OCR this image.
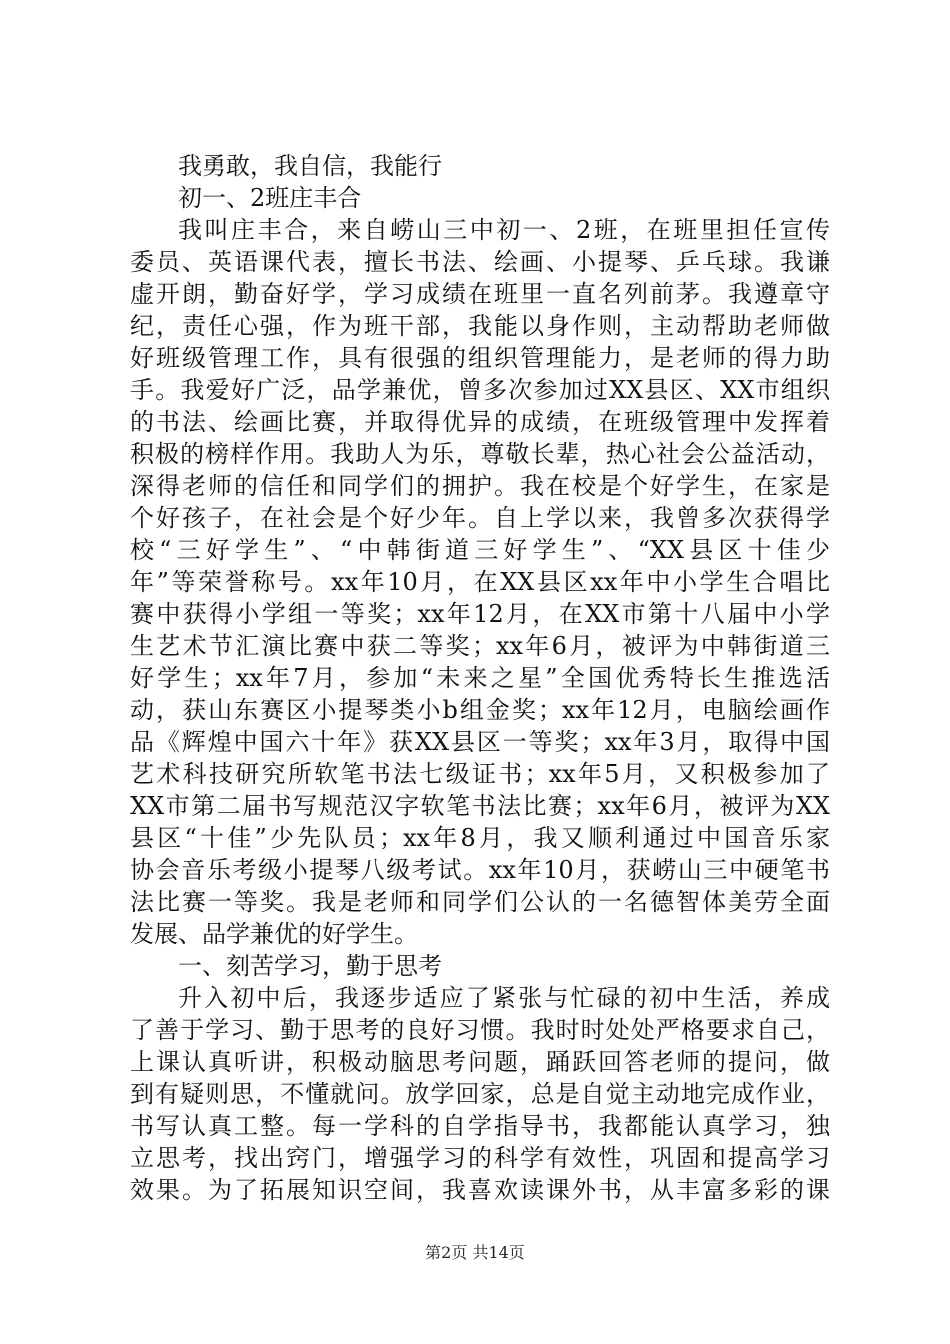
我勇敢，我自信，我能行
初一、2班庄丰合
我叫庄丰合，来自崂山三中初一、2班，在班里担任宣传
委员、英语课代表，擅长书法、绘画、小提琴、乒乓球。我谦
虚开朗，勤奋好学，学习成绩在班里一直名列前茅。我遵章守
纪，责任心强，作为班干部，我能以身作则，主动帮助老师做
好班级管理工作，具有很强的组织管理能力，是老师的得力助
手。我爱好广泛，品学兼优，曾多次参加过XX县区、XX市组织
的书法、绘画比赛，并取得优异的成绩，在班级管理中发挥着
积极的榜样作用。我助人为乐，尊敬长辈，热心社会公益活动，
深得老师的信任和同学们的拥护。我在校是个好学生，在家是
个好孩子，在社会是个好少年。自上学以来，我曾多次获得学
校“三好学生”、“中韩街道三好学生”、“XX县区十佳少
年”等荣誉称号。xx年10月，在XX县区xx年中小学生合唱比
赛中获得小学组一等奖；xx年12月，在XX市第十八届中小学
生艺术节汇演比赛中获二等奖；xx年6月，被评为中韩街道三
好学生；xx年7月，参加“未来之星”全国优秀特长生推选活
动，获山东赛区小提琴类小b组金奖；xx年12月，电脑绘画作
品《辉煌中国六十年》获XX县区一等奖；xx年3月，取得中国
艺术科技研究所软笔书法七级证书；xx年5月，又积极参加了
XX市第二届书写规范汉字软笔书法比赛；xx年6月，被评为XX
县区“十佳”少先队员；xx年8月，我又顺利通过中国音乐家
协会音乐考级小提琴八级考试。xx年10月，获崂山三中硬笔书
法比赛一等奖。我是老师和同学们公认的一名德智体美劳全面
发展、品学兼优的好学生。
一、刻苦学习，勤于思考
升入初中后，我逐步适应了紧张与忙碌的初中生活，养成
了善于学习、勤于思考的良好习惯。我时时处处严格要求自己，
上课认真听讲，积极动脑思考问题，踊跃回答老师的提问，做
到有疑则思，不懂就问。放学回家，总是自觉主动地完成作业，
书写认真工整。每一学科的自学指导书，我都能认真学习，独
立思考，找出窍门，增强学习的科学有效性，巩固和提高学习
效果。为了拓展知识空间，我喜欢读课外书，从丰富多彩的课
第2页 共14页
